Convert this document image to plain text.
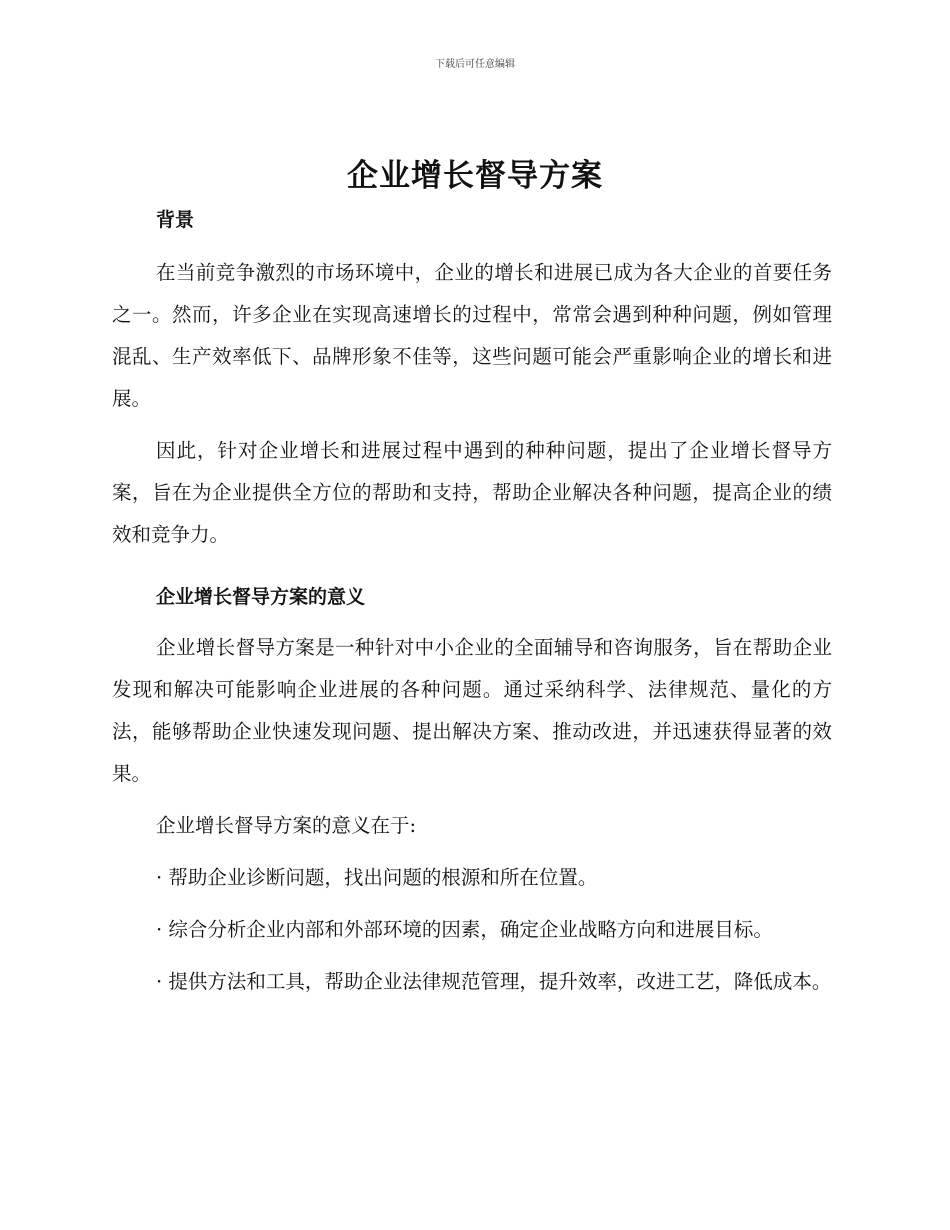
下载后可任意编辑
企业增长督导方案
背景

在当前竞争激烈的市场环境中，企业的增长和进展已成为各大企业的首要任务之一。然而，许多企业在实现高速增长的过程中，常常会遇到种种问题，例如管理混乱、生产效率低下、品牌形象不佳等，这些问题可能会严重影响企业的增长和进展。

因此，针对企业增长和进展过程中遇到的种种问题，提出了企业增长督导方案，旨在为企业提供全方位的帮助和支持，帮助企业解决各种问题，提高企业的绩效和竞争力。

企业增长督导方案的意义

企业增长督导方案是一种针对中小企业的全面辅导和咨询服务，旨在帮助企业发现和解决可能影响企业进展的各种问题。通过采纳科学、法律规范、量化的方法，能够帮助企业快速发现问题、提出解决方案、推动改进，并迅速获得显著的效果。

企业增长督导方案的意义在于:

· 帮助企业诊断问题，找出问题的根源和所在位置。

· 综合分析企业内部和外部环境的因素，确定企业战略方向和进展目标。

· 提供方法和工具，帮助企业法律规范管理，提升效率，改进工艺，降低成本。
